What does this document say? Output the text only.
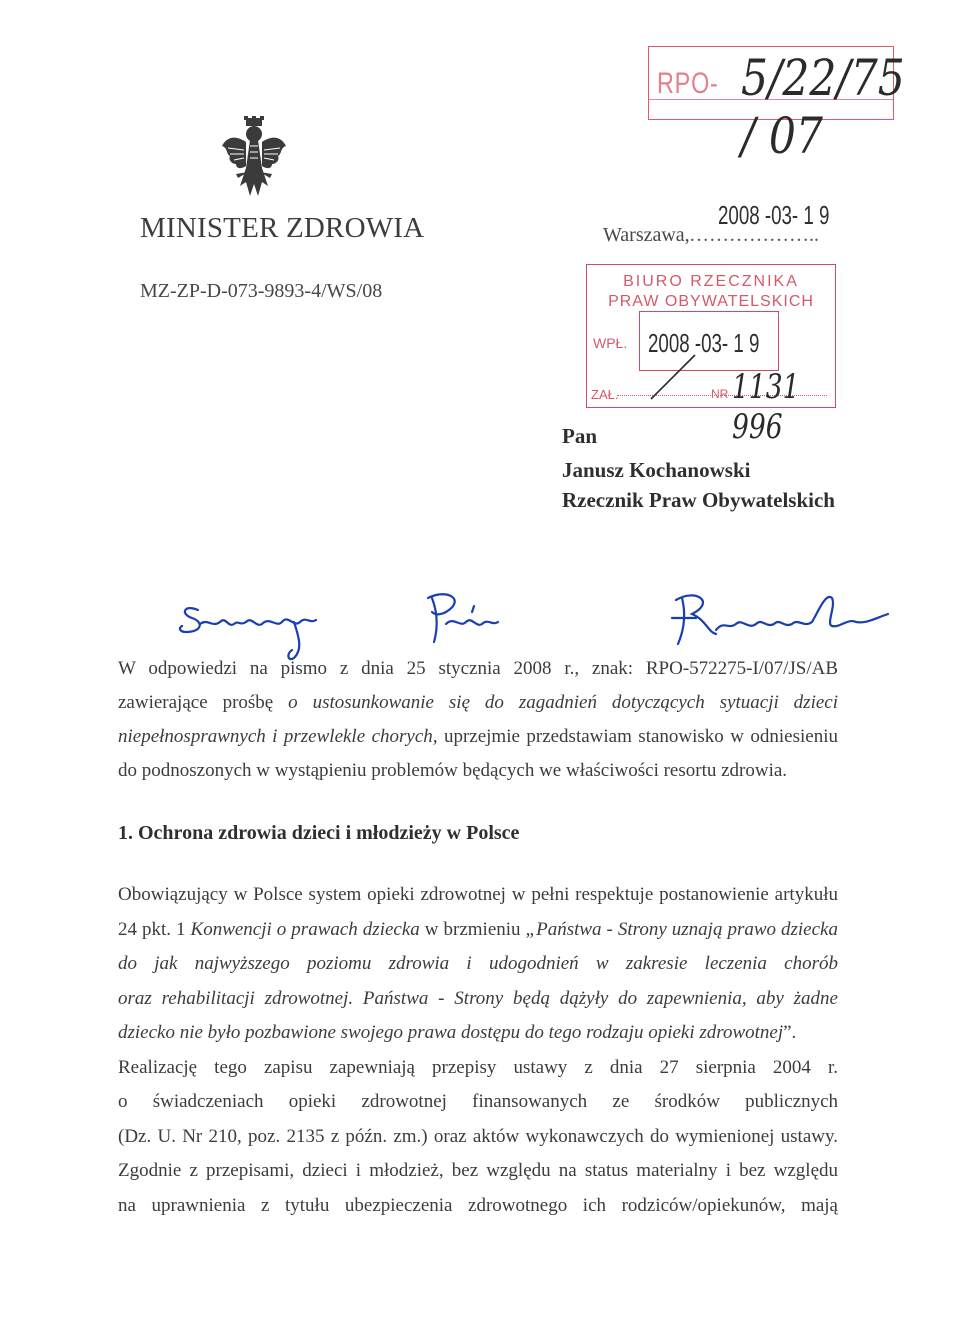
RPO- 5/22/75 / 07
MINISTER ZDROWIA
MZ-ZP-D-073-9893-4/WS/08
2008 -03- 1 9
Warszawa, ………………..
BIURO RZECZNIKA
PRAW OBYWATELSKICH
WPŁ. 2008 -03- 1 9
ZAŁ.	NR 1131 996
Pan
Janusz Kochanowski
Rzecznik Praw Obywatelskich
W odpowiedzi na pismo z dnia 25 stycznia 2008 r., znak: RPO-572275-I/07/JS/AB
zawierające prośbę o ustosunkowanie się do zagadnień dotyczących sytuacji dzieci
niepełnosprawnych i przewlekle chorych, uprzejmie przedstawiam stanowisko w odniesieniu
do podnoszonych w wystąpieniu problemów będących we właściwości resortu zdrowia.
1. Ochrona zdrowia dzieci i młodzieży w Polsce
Obowiązujący w Polsce system opieki zdrowotnej w pełni respektuje postanowienie artykułu
24 pkt. 1 Konwencji o prawach dziecka w brzmieniu „Państwa - Strony uznają prawo dziecka
do jak najwyższego poziomu zdrowia i udogodnień w zakresie leczenia chorób
oraz rehabilitacji zdrowotnej. Państwa - Strony będą dążyły do zapewnienia, aby żadne
dziecko nie było pozbawione swojego prawa dostępu do tego rodzaju opieki zdrowotnej”.
Realizację tego zapisu zapewniają przepisy ustawy z dnia 27 sierpnia 2004 r.
o świadczeniach opieki zdrowotnej finansowanych ze środków publicznych
(Dz. U. Nr 210, poz. 2135 z późn. zm.) oraz aktów wykonawczych do wymienionej ustawy.
Zgodnie z przepisami, dzieci i młodzież, bez względu na status materialny i bez względu
na uprawnienia z tytułu ubezpieczenia zdrowotnego ich rodziców/opiekunów, mają
